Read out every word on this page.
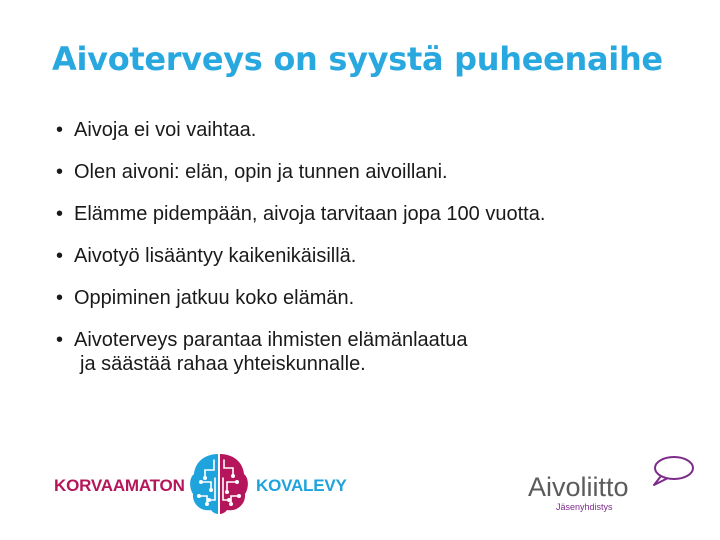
Aivoterveys on syystä puheenaihe
• Aivoja ei voi vaihtaa.
• Olen aivoni: elän, opin ja tunnen aivoillani.
• Elämme pidempään, aivoja tarvitaan jopa 100 vuotta.
• Aivotyö lisääntyy kaikenikäisillä.
• Oppiminen jatkuu koko elämän.
• Aivoterveys parantaa ihmisten elämänlaatua
ja säästää rahaa yhteiskunnalle.
KORVAAMATON	KOVALEVY	Aivoliitto
Jäsenyhdistys
